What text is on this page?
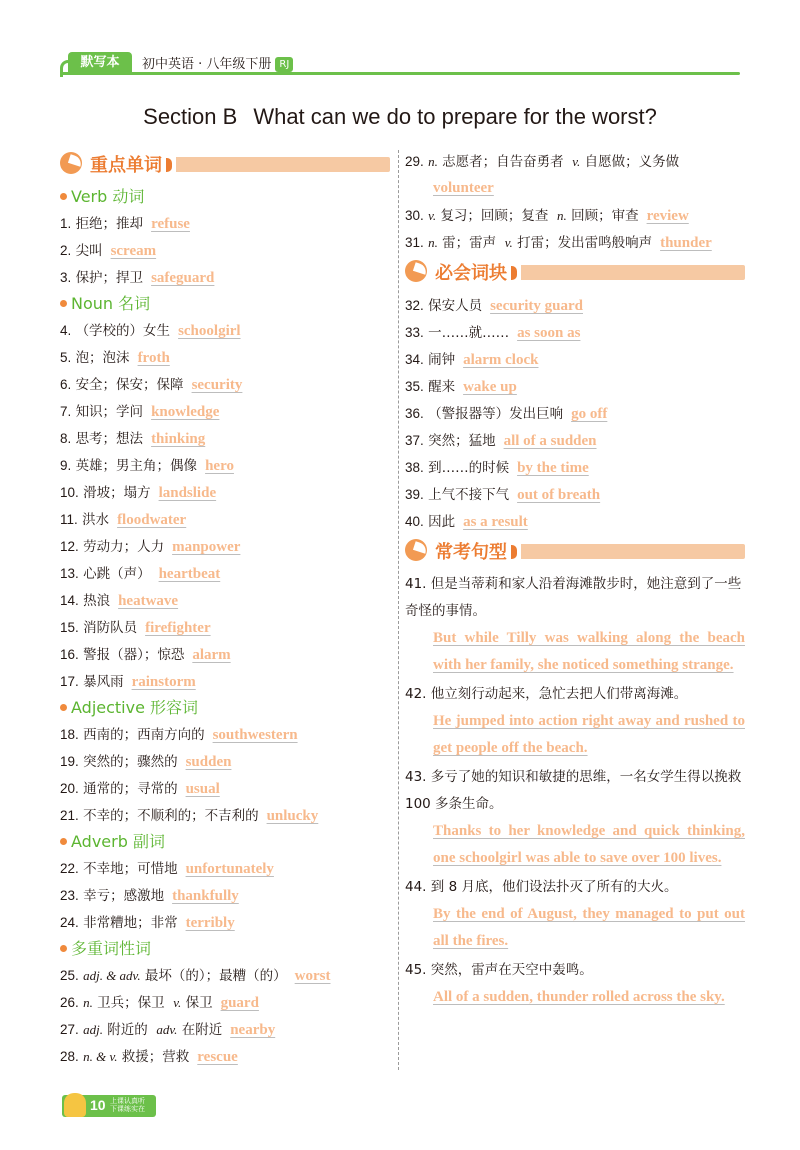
默写本	初中英语 · 八年级下册 RJ
Section B What can we do to prepare for the worst?
重点单词
Verb 动词
1. 拒绝；推却 refuse
2. 尖叫 scream
3. 保护；捍卫 safeguard
Noun 名词
4. （学校的）女生 schoolgirl
5. 泡；泡沫 froth
6. 安全；保安；保障 security
7. 知识；学问 knowledge
8. 思考；想法 thinking
9. 英雄；男主角；偶像 hero
10. 滑坡；塌方 landslide
11. 洪水 floodwater
12. 劳动力；人力 manpower
13. 心跳（声） heartbeat
14. 热浪 heatwave
15. 消防队员 firefighter
16. 警报（器）；惊恐 alarm
17. 暴风雨 rainstorm
Adjective 形容词
18. 西南的；西南方向的 southwestern
19. 突然的；骤然的 sudden
20. 通常的；寻常的 usual
21. 不幸的；不顺利的；不吉利的 unlucky
Adverb 副词
22. 不幸地；可惜地 unfortunately
23. 幸亏；感激地 thankfully
24. 非常糟地；非常 terribly
多重词性词
25. adj. & adv. 最坏（的）；最糟（的） worst
26. n. 卫兵；保卫 v. 保卫 guard
27. adj. 附近的 adv. 在附近 nearby
28. n. & v. 救援；营救 rescue
29. n. 志愿者；自告奋勇者 v. 自愿做；义务做
volunteer
30. v. 复习；回顾；复查 n. 回顾；审查 review
31. n. 雷；雷声 v. 打雷；发出雷鸣般响声 thunder
必会词块
32. 保安人员 security guard
33. 一……就…… as soon as
34. 闹钟 alarm clock
35. 醒来 wake up
36. （警报器等）发出巨响 go off
37. 突然；猛地 all of a sudden
38. 到……的时候 by the time
39. 上气不接下气 out of breath
40. 因此 as a result
常考句型
41. 但是当蒂莉和家人沿着海滩散步时，她注意到了一些奇怪的事情。
But while Tilly was walking along the beach with her family, she noticed something strange.
42. 他立刻行动起来，急忙去把人们带离海滩。
He jumped into action right away and rushed to get people off the beach.
43. 多亏了她的知识和敏捷的思维，一名女学生得以挽救 100 多条生命。
Thanks to her knowledge and quick thinking, one schoolgirl was able to save over 100 lives.
44. 到 8 月底，他们设法扑灭了所有的大火。
By the end of August, they managed to put out all the fires.
45. 突然，雷声在天空中轰鸣。
All of a sudden, thunder rolled across the sky.
10 上课认真听 下课练实在
